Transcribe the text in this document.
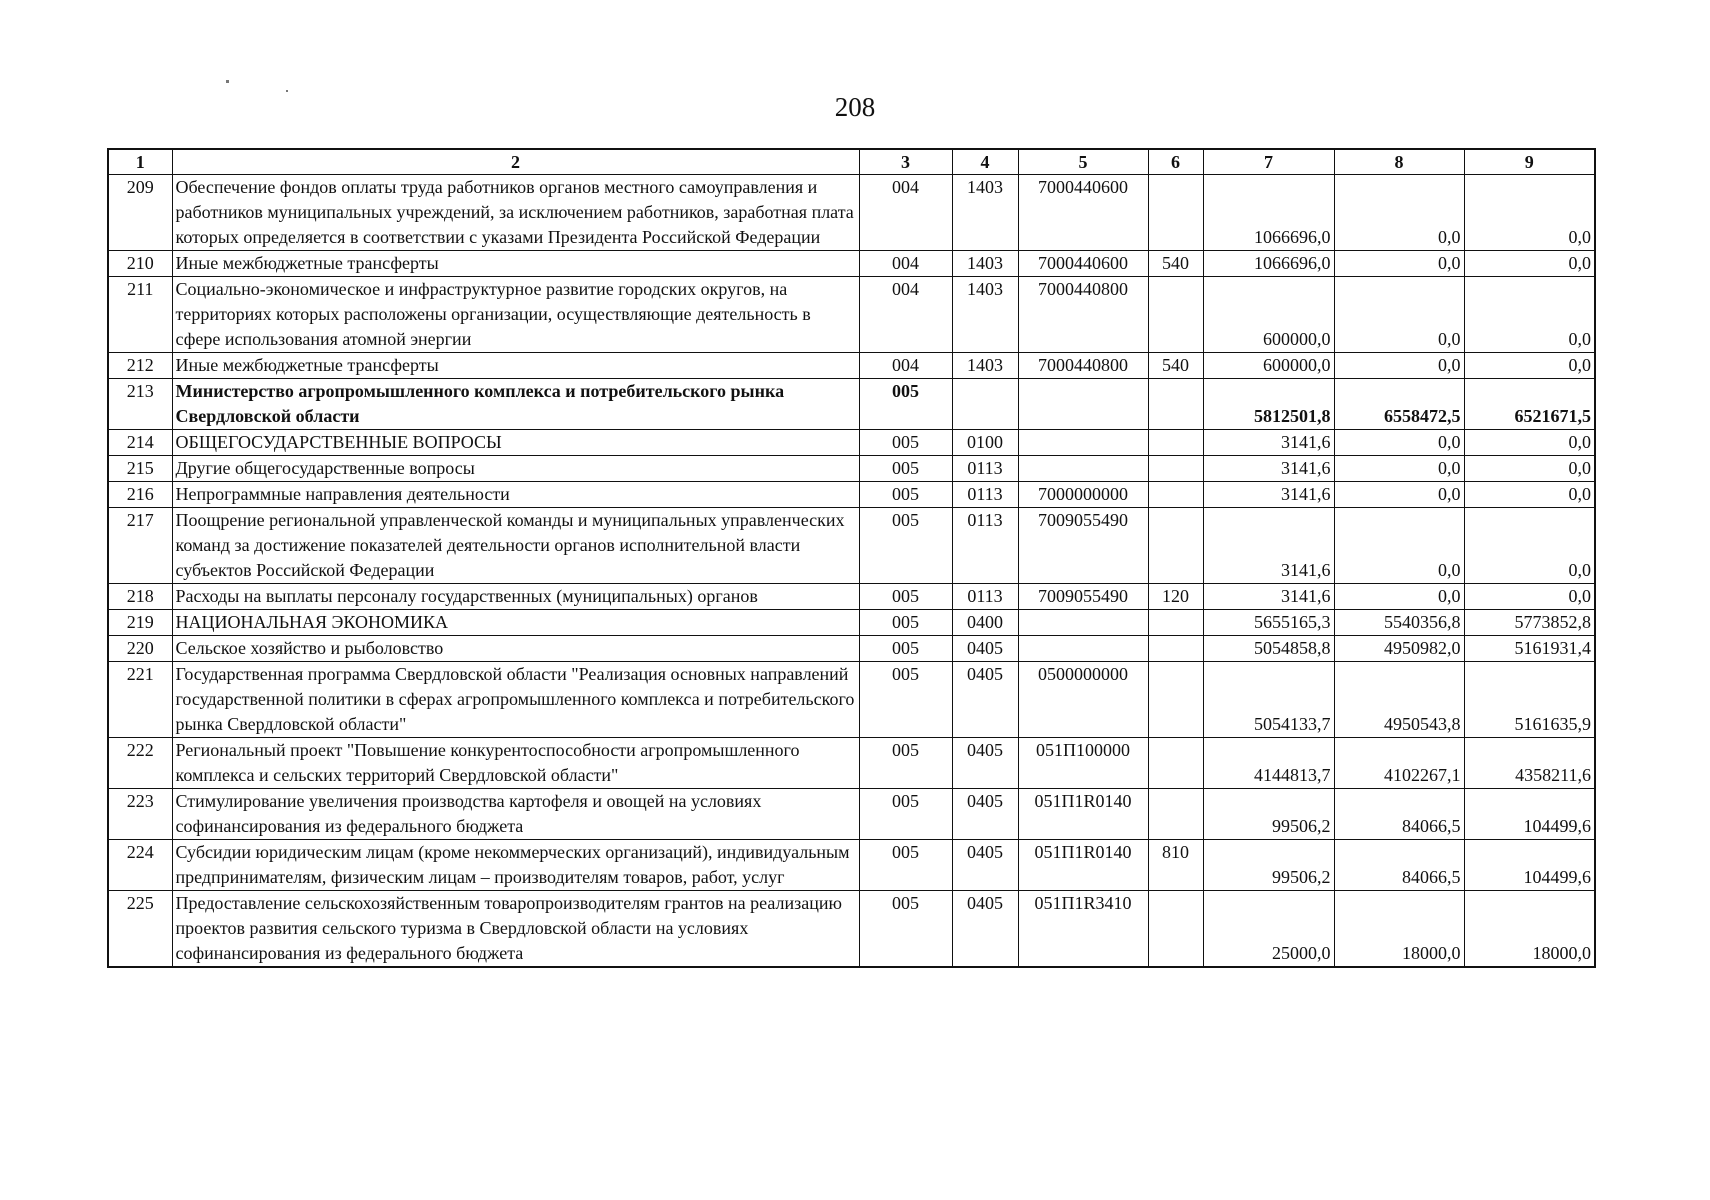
208
1	2	3	4	5	6	7	8	9
209	Обеспечение фондов оплаты труда работников органов местного самоуправления и работников муниципальных учреждений, за исключением работников, заработная плата которых определяется в соответствии с указами Президента Российской Федерации	004	1403	7000440600		1066696,0	0,0	0,0
210	Иные межбюджетные трансферты	004	1403	7000440600	540	1066696,0	0,0	0,0
211	Социально-экономическое и инфраструктурное развитие городских округов, на территориях которых расположены организации, осуществляющие деятельность в сфере использования атомной энергии	004	1403	7000440800		600000,0	0,0	0,0
212	Иные межбюджетные трансферты	004	1403	7000440800	540	600000,0	0,0	0,0
213	Министерство агропромышленного комплекса и потребительского рынка Свердловской области	005				5812501,8	6558472,5	6521671,5
214	ОБЩЕГОСУДАРСТВЕННЫЕ ВОПРОСЫ	005	0100			3141,6	0,0	0,0
215	Другие общегосударственные вопросы	005	0113			3141,6	0,0	0,0
216	Непрограммные направления деятельности	005	0113	7000000000		3141,6	0,0	0,0
217	Поощрение региональной управленческой команды и муниципальных управленческих команд за достижение показателей деятельности органов исполнительной власти субъектов Российской Федерации	005	0113	7009055490		3141,6	0,0	0,0
218	Расходы на выплаты персоналу государственных (муниципальных) органов	005	0113	7009055490	120	3141,6	0,0	0,0
219	НАЦИОНАЛЬНАЯ ЭКОНОМИКА	005	0400			5655165,3	5540356,8	5773852,8
220	Сельское хозяйство и рыболовство	005	0405			5054858,8	4950982,0	5161931,4
221	Государственная программа Свердловской области "Реализация основных направлений государственной политики в сферах агропромышленного комплекса и потребительского рынка Свердловской области"	005	0405	0500000000		5054133,7	4950543,8	5161635,9
222	Региональный проект "Повышение конкурентоспособности агропромышленного комплекса и сельских территорий Свердловской области"	005	0405	051П100000		4144813,7	4102267,1	4358211,6
223	Стимулирование увеличения производства картофеля и овощей на условиях софинансирования из федерального бюджета	005	0405	051П1R0140		99506,2	84066,5	104499,6
224	Субсидии юридическим лицам (кроме некоммерческих организаций), индивидуальным предпринимателям, физическим лицам – производителям товаров, работ, услуг	005	0405	051П1R0140	810	99506,2	84066,5	104499,6
225	Предоставление сельскохозяйственным товаропроизводителям грантов на реализацию проектов развития сельского туризма в Свердловской области на условиях софинансирования из федерального бюджета	005	0405	051П1R3410		25000,0	18000,0	18000,0
